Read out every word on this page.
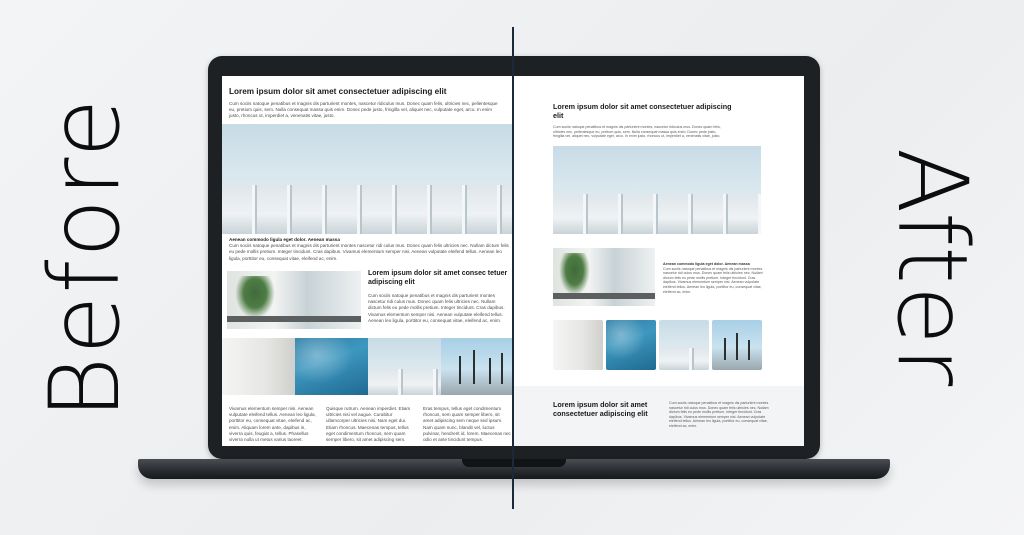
Before	After
Lorem ipsum dolor sit amet consectetuer adipiscing elit
Cum sociis natoque penatibus et magnis dis parturient montes, nascetur ridiculus mus. Donec quam felis, ultricies nec, pellentesque eu, pretium quis, sem. Nulla consequat massa quis enim. Donec pede justo, fringilla vel, aliquet nec, vulputate eget, arcu. In enim justo, rhoncus ut, imperdiet a, venenatis vitae, justo.
Aenean commodo ligula eget dolor. Aenean massa
Cum sociis natoque penatibus et magnis dis parturient montes nascetur ridi culus mus. Donec quam felis ultricies nec. Nullam dictum felis eu pede mollis pretium. Integer tincidunt. Cras dapibus. Vivamus elementum semper nisi. Aenean vulputate eleifend tellus. Aenean leo ligula, porttitor eu, consequat vitae, eleifend ac, enim.
Lorem ipsum dolor sit amet consec tetuer adipiscing elit
Cum sociis natoque penatibus et magnis dis parturient montes nascetur ridi culus mus. Donec quam felis ultricies nec. Nullam dictum felis eu pede mollis pretium. Integer tincidunt. Cras dapibus. Vivamus elementum semper nisi. Aenean vulputate eleifend tellus. Aenean leo ligula, porttitor eu, consequat vitae, eleifend ac, enim.
Vivamus elementum semper nisi. Aenean vulputate eleifend tellus. Aenean leo ligula, porttitor eu, consequat vitae, eleifend ac, enim. Aliquam lorem ante, dapibus in, viverra quis, feugiat a, tellus. Phasellus viverra nulla ut metus varius laoreet.
Quisque rutrum. Aenean imperdiet. Etiam ultricies nisi vel augue. Curabitur ullamcorper ultricies nisi. Nam eget dui. Etiam rhoncus. Maecenas tempus, tellus eget condimentum rhoncus, sem quam semper libero, sit amet adipiscing sem.
Eras tempus, tellus eget condimentum rhoncus, sem quam semper libero, sit amet adipiscing sem neque sed ipsum. Nam quam nunc, blandit vel, luctus pulvinar, hendrerit id, lorem. Maecenas nec odio et ante tincidunt tempus.
Lorem ipsum dolor sit amet consectetuer adipiscing elit
Cum sociis natoque penatibus et magnis dis parturient montes, nascetur ridiculus mus. Donec quam felis, ultricies nec, pellentesque eu, pretium quis, sem. Nulla consequat massa quis enim. Donec pede justo, fringilla vel, aliquet nec, vulputate eget, arcu. In enim justo, rhoncus ut, imperdiet a, venenatis vitae, justo.
Aenean commodo ligula eget dolor. Aenean massa
Cum sociis natoque penatibus et magnis dis parturient montes nascetur ridi culus mus. Donec quam felis ultricies nec. Nullam dictum felis eu pede mollis pretium. Integer tincidunt. Cras dapibus. Vivamus elementum semper nisi. Aenean vulputate eleifend tellus. Aenean leo ligula, porttitor eu, consequat vitae, eleifend ac, enim.
Lorem ipsum dolor sit amet consectetuer adipiscing elit
Cum sociis natoque penatibus et magnis dis parturient montes nascetur ridi culus mus. Donec quam felis ultricies nec. Nullam dictum felis eu pede mollis pretium. Integer tincidunt. Cras dapibus. Vivamus elementum semper nisi. Aenean vulputate eleifend tellus. Aenean leo ligula, porttitor eu, consequat vitae, eleifend ac, enim.
